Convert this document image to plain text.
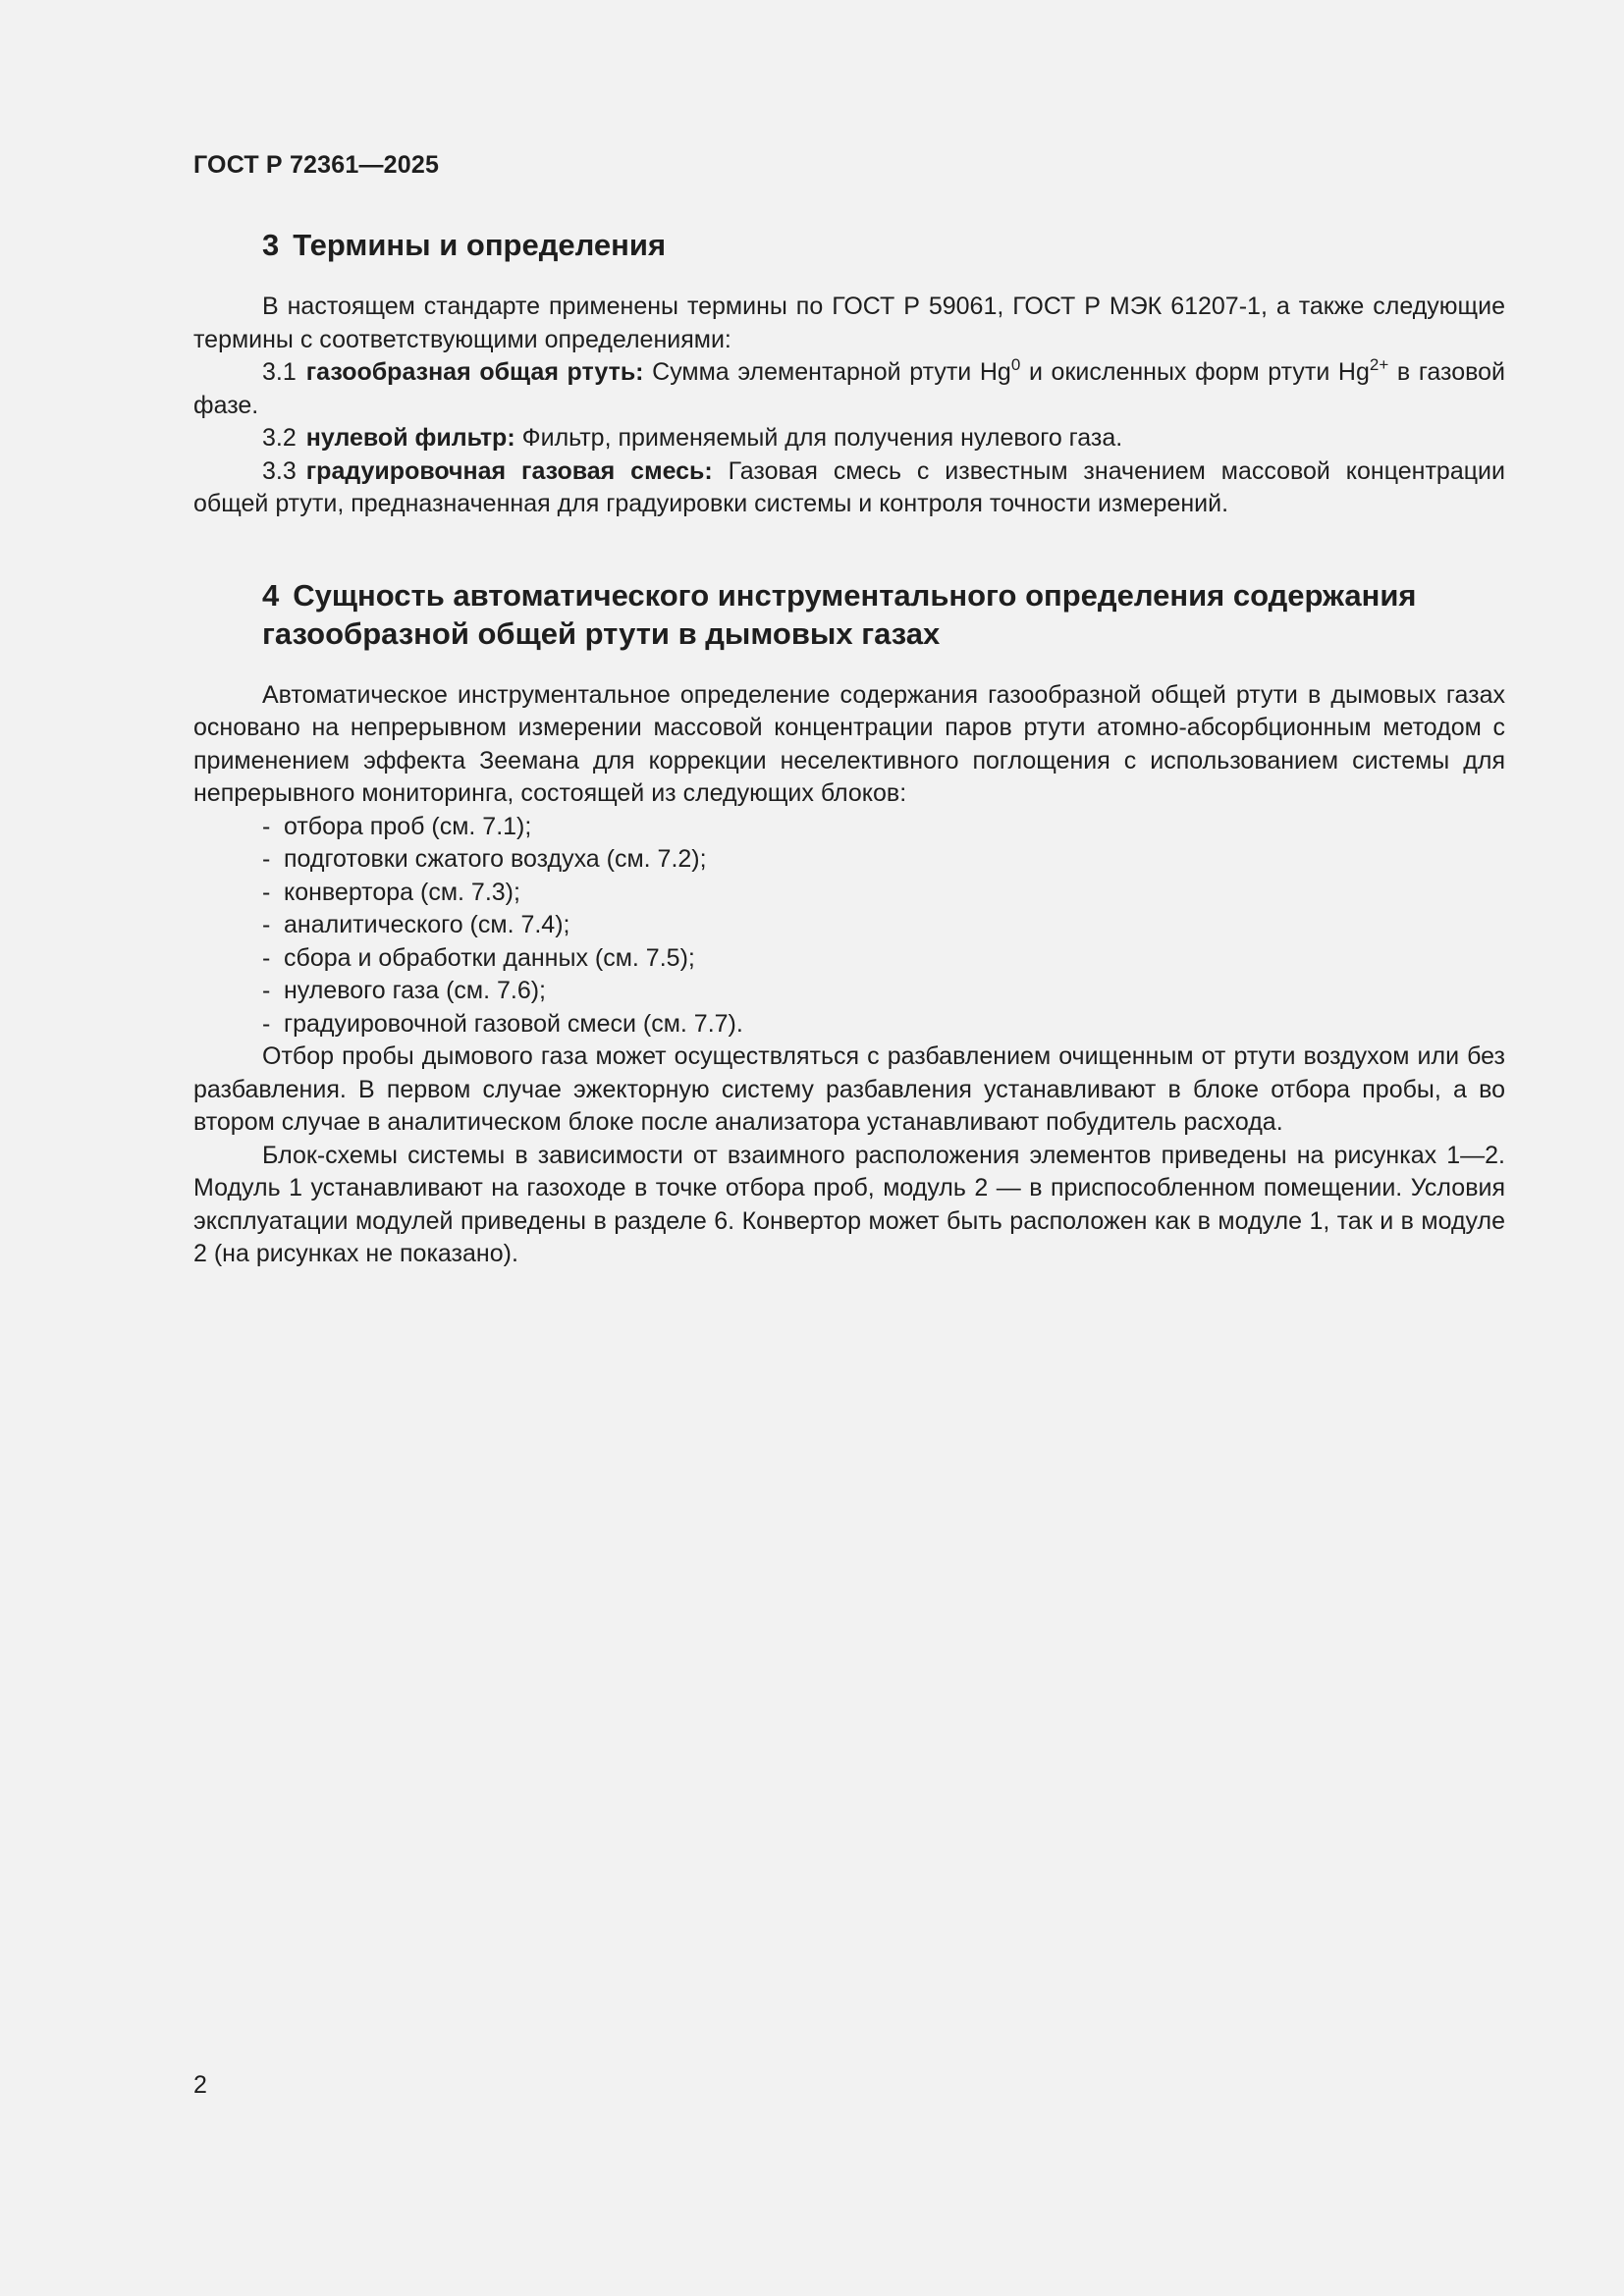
ГОСТ Р 72361—2025
3 Термины и определения

В настоящем стандарте применены термины по ГОСТ Р 59061, ГОСТ Р МЭК 61207-1, а также следующие термины с соответствующими определениями:

3.1 газообразная общая ртуть: Сумма элементарной ртути Hg$^0$ и окисленных форм ртути $Hg^{2+}$ в газовой фазе.

3.2 нулевой фильтр: Фильтр, применяемый для получения нулевого газа.

3.3 градуировочная газовая смесь: Газовая смесь с известным значением массовой концентрации общей ртути, предназначенная для градуировки системы и контроля точности измерений.

4 Сущность автоматического инструментального определения содержания газообразной общей ртути в дымовых газах

Автоматическое инструментальное определение содержания газообразной общей ртути в дымовых газах основано на непрерывном измерении массовой концентрации паров ртути атомно-абсорбционным методом с применением эффекта Зеемана для коррекции неселективного поглощения с использованием системы для непрерывного мониторинга, состоящей из следующих блоков:

- отбора проб (см. 7.1);
- подготовки сжатого воздуха (см. 7.2);
- конвертора (см. 7.3);
- аналитического (см. 7.4);
- сбора и обработки данных (см. 7.5);
- нулевого газа (см. 7.6);
- градуировочной газовой смеси (см. 7.7).

Отбор пробы дымового газа может осуществляться с разбавлением очищенным от ртути воздухом или без разбавления. В первом случае эжекторную систему разбавления устанавливают в блоке отбора пробы, а во втором случае в аналитическом блоке после анализатора устанавливают побудитель расхода.

Блок-схемы системы в зависимости от взаимного расположения элементов приведены на рисунках 1—2. Модуль 1 устанавливают на газоходе в точке отбора проб, модуль 2 — в приспособленном помещении. Условия эксплуатации модулей приведены в разделе 6. Конвертор может быть расположен как в модуле 1, так и в модуле 2 (на рисунках не показано).

2
